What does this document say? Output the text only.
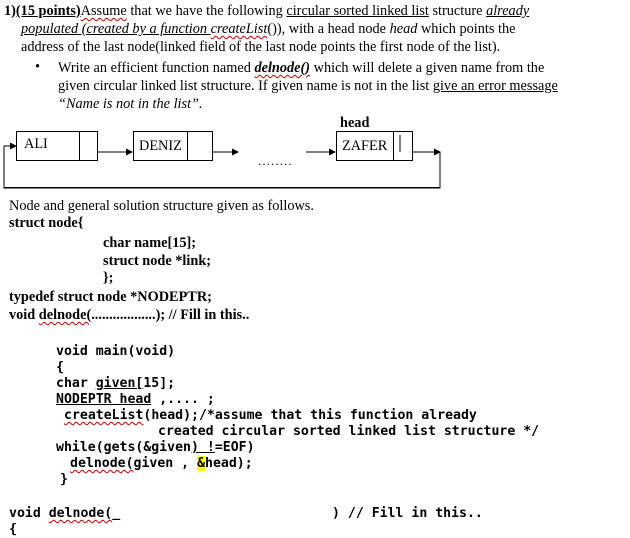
1)(15 points)Assume that we have the following circular sorted linked list structure already
populated (created by a function createList()), with a head node head which points the
address of the last node(linked field of the last node points the first node of the list).
• Write an efficient function named delnode() which will delete a given name from the
given circular linked list structure. If given name is not in the list give an error message
“Name is not in the list”.
head
ALI	DENIZ	ZAFER
........
Node and general solution structure given as follows.
struct node{
char name[15];
struct node *link;
};
typedef struct node *NODEPTR;
void delnode(..................); // Fill in this..
void main(void)
{
char given[15];
NODEPTR head ,.... ;
createList(head);/*assume that this function already
created circular sorted linked list structure */
while(gets(&given) !=EOF)
delnode(given , &head);
}
void delnode(_	) // Fill in this..
{
